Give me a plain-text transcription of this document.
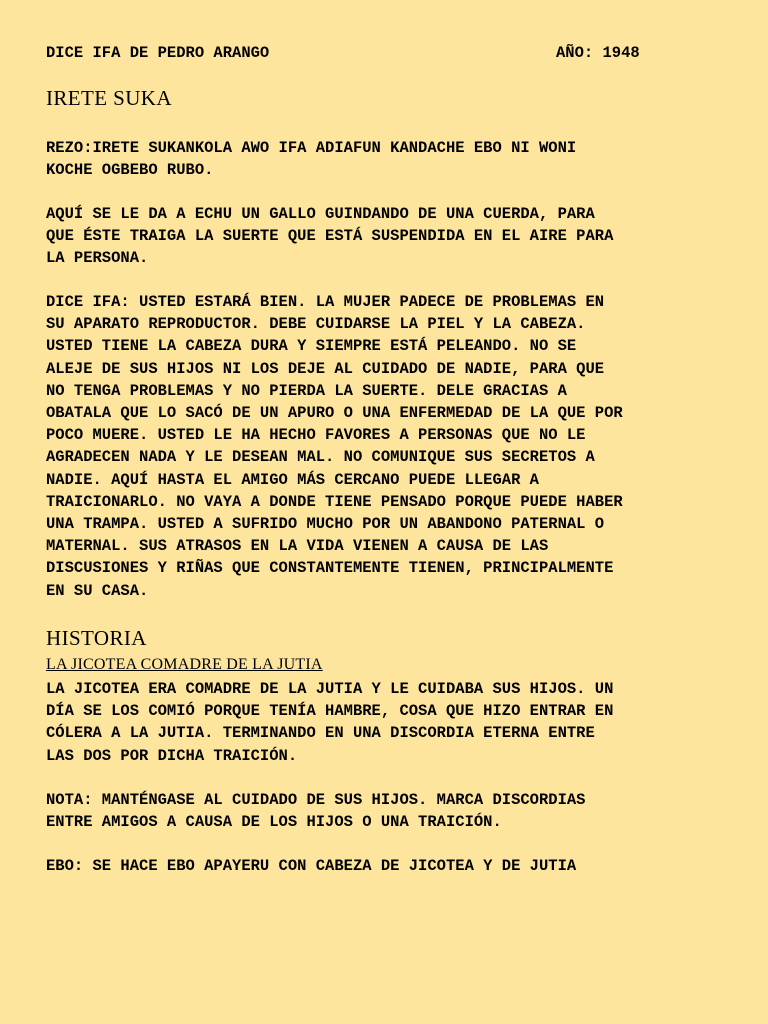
DICE IFA DE PEDRO ARANGO	AÑO: 1948
IRETE SUKA

REZO:IRETE SUKANKOLA AWO IFA ADIAFUN KANDACHE EBO NI WONI
KOCHE OGBEBO RUBO.

AQUÍ SE LE DA A ECHU UN GALLO GUINDANDO DE UNA CUERDA, PARA
QUE ÉSTE TRAIGA LA SUERTE QUE ESTÁ SUSPENDIDA EN EL AIRE PARA
LA PERSONA.

DICE IFA: USTED ESTARÁ BIEN. LA MUJER PADECE DE PROBLEMAS EN
SU APARATO REPRODUCTOR. DEBE CUIDARSE LA PIEL Y LA CABEZA.
USTED TIENE LA CABEZA DURA Y SIEMPRE ESTÁ PELEANDO. NO SE
ALEJE DE SUS HIJOS NI LOS DEJE AL CUIDADO DE NADIE, PARA QUE
NO TENGA PROBLEMAS Y NO PIERDA LA SUERTE. DELE GRACIAS A
OBATALA QUE LO SACÓ DE UN APURO O UNA ENFERMEDAD DE LA QUE POR
POCO MUERE. USTED LE HA HECHO FAVORES A PERSONAS QUE NO LE
AGRADECEN NADA Y LE DESEAN MAL. NO COMUNIQUE SUS SECRETOS A
NADIE. AQUÍ HASTA EL AMIGO MÁS CERCANO PUEDE LLEGAR A
TRAICIONARLO. NO VAYA A DONDE TIENE PENSADO PORQUE PUEDE HABER
UNA TRAMPA. USTED A SUFRIDO MUCHO POR UN ABANDONO PATERNAL O
MATERNAL. SUS ATRASOS EN LA VIDA VIENEN A CAUSA DE LAS
DISCUSIONES Y RIÑAS QUE CONSTANTEMENTE TIENEN, PRINCIPALMENTE
EN SU CASA.

HISTORIA
LA JICOTEA COMADRE DE LA JUTIA

LA JICOTEA ERA COMADRE DE LA JUTIA Y LE CUIDABA SUS HIJOS. UN
DÍA SE LOS COMIÓ PORQUE TENÍA HAMBRE, COSA QUE HIZO ENTRAR EN
CÓLERA A LA JUTIA. TERMINANDO EN UNA DISCORDIA ETERNA ENTRE
LAS DOS POR DICHA TRAICIÓN.

NOTA: MANTÉNGASE AL CUIDADO DE SUS HIJOS. MARCA DISCORDIAS
ENTRE AMIGOS A CAUSA DE LOS HIJOS O UNA TRAICIÓN.

EBO: SE HACE EBO APAYERU CON CABEZA DE JICOTEA Y DE JUTIA
